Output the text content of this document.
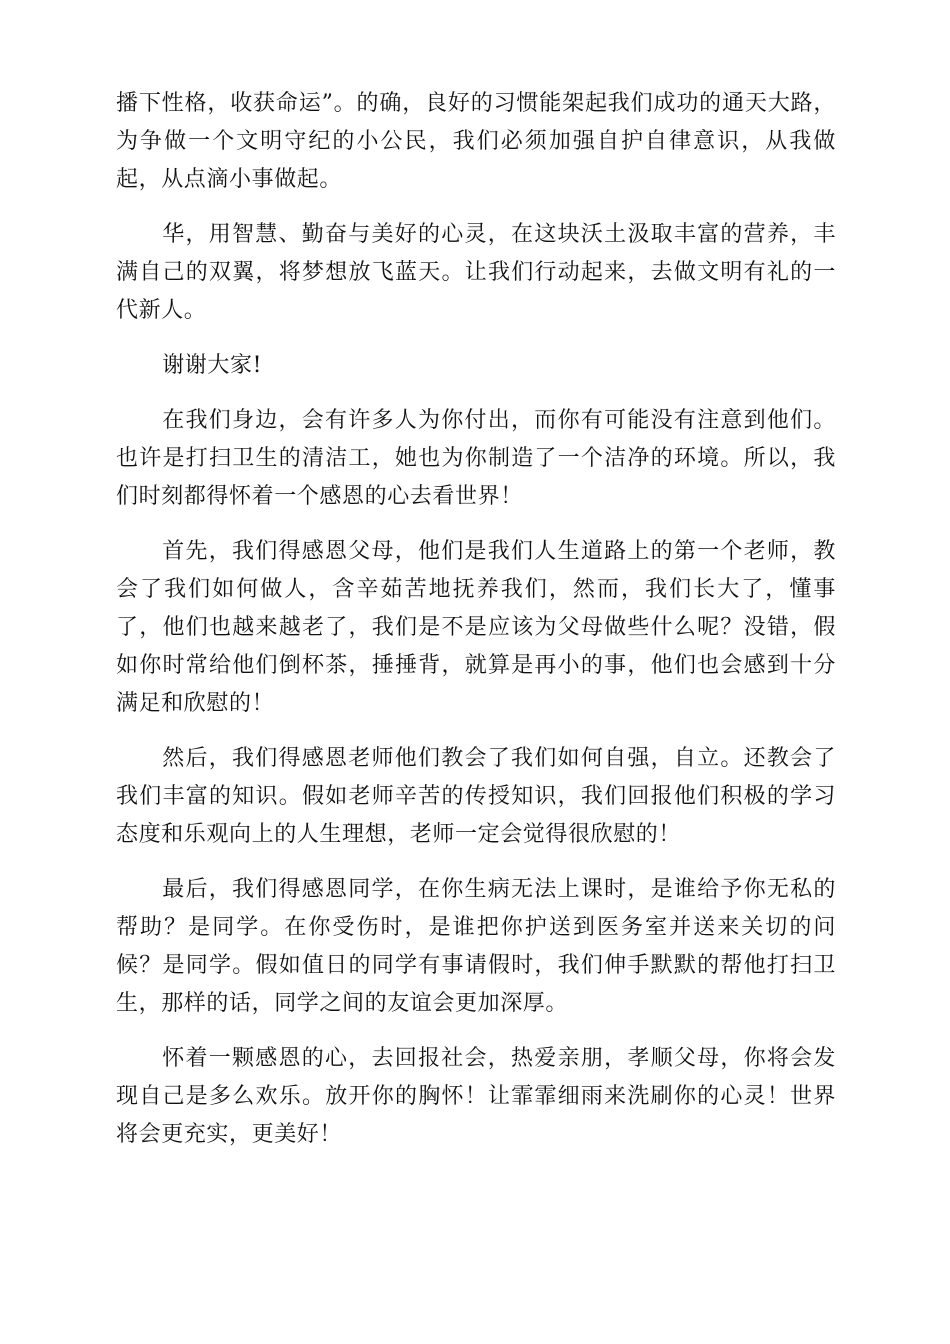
播下性格，收获命运”。的确，良好的习惯能架起我们成功的通天大路，为争做一个文明守纪的小公民，我们必须加强自护自律意识，从我做起，从点滴小事做起。

华，用智慧、勤奋与美好的心灵，在这块沃土汲取丰富的营养，丰满自己的双翼，将梦想放飞蓝天。让我们行动起来，去做文明有礼的一代新人。

谢谢大家!

在我们身边，会有许多人为你付出，而你有可能没有注意到他们。也许是打扫卫生的清洁工，她也为你制造了一个洁净的环境。所以，我们时刻都得怀着一个感恩的心去看世界！

首先，我们得感恩父母，他们是我们人生道路上的第一个老师，教会了我们如何做人，含辛茹苦地抚养我们，然而，我们长大了，懂事了，他们也越来越老了，我们是不是应该为父母做些什么呢？没错，假如你时常给他们倒杯茶，捶捶背，就算是再小的事，他们也会感到十分满足和欣慰的！

然后，我们得感恩老师他们教会了我们如何自强，自立。还教会了我们丰富的知识。假如老师辛苦的传授知识，我们回报他们积极的学习态度和乐观向上的人生理想，老师一定会觉得很欣慰的！

最后，我们得感恩同学，在你生病无法上课时，是谁给予你无私的帮助？是同学。在你受伤时，是谁把你护送到医务室并送来关切的问候？是同学。假如值日的同学有事请假时，我们伸手默默的帮他打扫卫生，那样的话，同学之间的友谊会更加深厚。

怀着一颗感恩的心，去回报社会，热爱亲朋，孝顺父母，你将会发现自己是多么欢乐。放开你的胸怀！让霏霏细雨来洗刷你的心灵！世界将会更充实，更美好！
